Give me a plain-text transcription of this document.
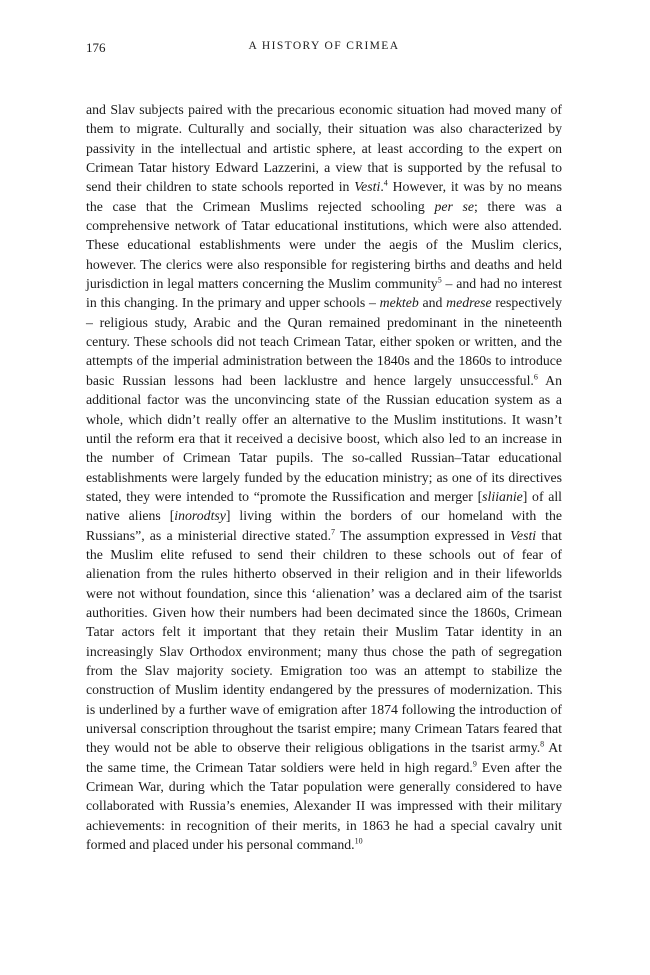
176	A HISTORY OF CRIMEA

and Slav subjects paired with the precarious economic situation had moved many of them to migrate. Culturally and socially, their situation was also characterized by passivity in the intellectual and artistic sphere, at least according to the expert on Crimean Tatar history Edward Lazzerini, a view that is supported by the refusal to send their children to state schools reported in Vesti.$^4$ However, it was by no means the case that the Crimean Muslims rejected schooling per se; there was a comprehensive network of Tatar educational institutions, which were also attended. These educational establishments were under the aegis of the Muslim clerics, however. The clerics were also responsible for registering births and deaths and held jurisdiction in legal matters concerning the Muslim community$^5$ – and had no interest in this changing. In the primary and upper schools – mekteb and medrese respectively – religious study, Arabic and the Quran remained predominant in the nineteenth century. These schools did not teach Crimean Tatar, either spoken or written, and the attempts of the imperial administration between the 1840s and the 1860s to introduce basic Russian lessons had been lacklustre and hence largely unsuccessful.$^6$ An additional factor was the unconvincing state of the Russian education system as a whole, which didn’t really offer an alternative to the Muslim institutions. It wasn’t until the reform era that it received a decisive boost, which also led to an increase in the number of Crimean Tatar pupils. The so-called Russian–Tatar educational establishments were largely funded by the education ministry; as one of its directives stated, they were intended to “promote the Russification and merger [sliianie] of all native aliens [inorodtsy] living within the borders of our homeland with the Russians”, as a ministerial directive stated.$^7$ The assumption expressed in Vesti that the Muslim elite refused to send their children to these schools out of fear of alienation from the rules hitherto observed in their religion and in their lifeworlds were not without foundation, since this ‘alienation’ was a declared aim of the tsarist authorities. Given how their numbers had been decimated since the 1860s, Crimean Tatar actors felt it important that they retain their Muslim Tatar identity in an increasingly Slav Orthodox environment; many thus chose the path of segregation from the Slav majority society. Emigration too was an attempt to stabilize the construction of Muslim identity endangered by the pressures of modernization. This is underlined by a further wave of emigration after 1874 following the introduction of universal conscription throughout the tsarist empire; many Crimean Tatars feared that they would not be able to observe their religious obligations in the tsarist army.$^8$ At the same time, the Crimean Tatar soldiers were held in high regard.$^9$ Even after the Crimean War, during which the Tatar population were generally considered to have collaborated with Russia’s enemies, Alexander II was impressed with their military achievements: in recognition of their merits, in 1863 he had a special cavalry unit formed and placed under his personal command.$^{10}$
